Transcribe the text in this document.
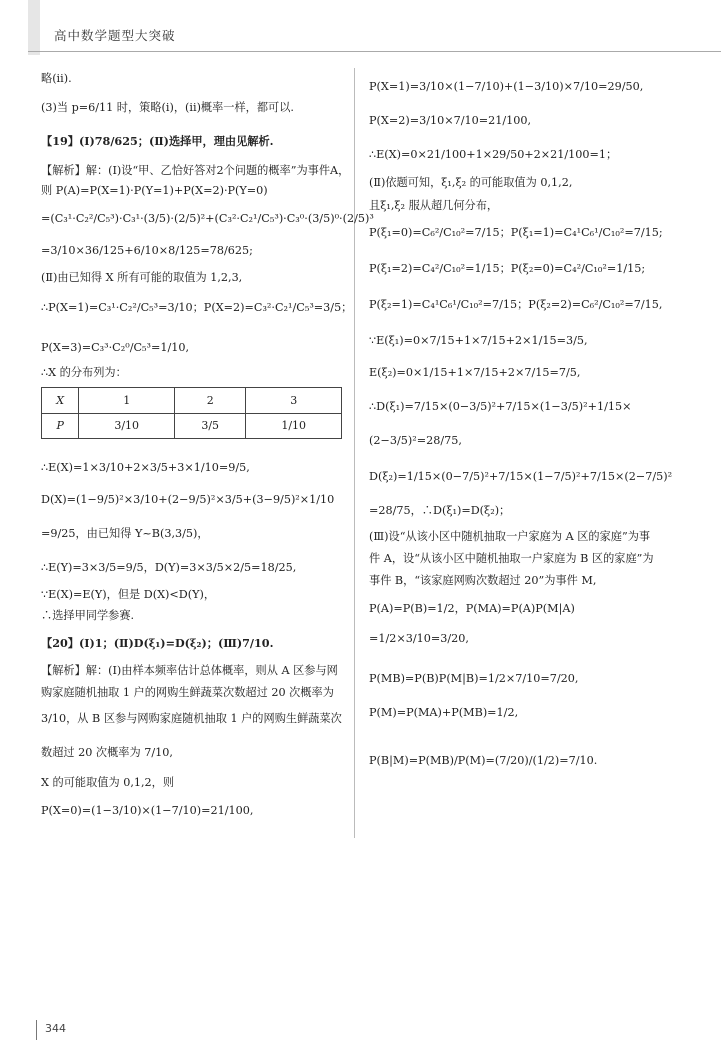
高中数学题型大突破
略(ii).
(3)当 p=6/11 时，策略(i)，(ii)概率一样，都可以.
【19】(Ⅰ)78/625；(Ⅱ)选择甲，理由见解析.
【解析】解：(Ⅰ)设“甲、乙恰好答对2个问题的概率”为事件A，
则 P(A)=P(X=1)·P(Y=1)+P(X=2)·P(Y=0)
=(C₃¹·C₂²/C₅³)·C₃¹·(3/5)·(2/5)²+(C₃²·C₂¹/C₅³)·C₃⁰·(3/5)⁰·(2/5)³
=3/10×36/125+6/10×8/125=78/625;
(Ⅱ)由已知得 X 所有可能的取值为 1,2,3,
∴P(X=1)=C₃¹·C₂²/C₅³=3/10；P(X=2)=C₃²·C₂¹/C₅³=3/5；
P(X=3)=C₃³·C₂⁰/C₅³=1/10,
∴X 的分布列为：
∴E(X)=1×3/10+2×3/5+3×1/10=9/5,
D(X)=(1−9/5)²×3/10+(2−9/5)²×3/5+(3−9/5)²×1/10
=9/25，由已知得 Y~B(3,3/5)，
∴E(Y)=3×3/5=9/5，D(Y)=3×3/5×2/5=18/25,
∵E(X)=E(Y)，但是 D(X)<D(Y)，
∴选择甲同学参赛.
【20】(Ⅰ)1；(Ⅱ)D(ξ₁)=D(ξ₂)；(Ⅲ)7/10.
【解析】解：(Ⅰ)由样本频率估计总体概率，则从 A 区参与网
购家庭随机抽取 1 户的网购生鲜蔬菜次数超过 20 次概率为
3/10，从 B 区参与网购家庭随机抽取 1 户的网购生鲜蔬菜次
数超过 20 次概率为 7/10,
X 的可能取值为 0,1,2，则
P(X=0)=(1−3/10)×(1−7/10)=21/100,
X	1	2	3
P	3/10	3/5	1/10
P(X=1)=3/10×(1−7/10)+(1−3/10)×7/10=29/50,
P(X=2)=3/10×7/10=21/100,
∴E(X)=0×21/100+1×29/50+2×21/100=1；
(Ⅱ)依题可知，ξ₁,ξ₂ 的可能取值为 0,1,2,
且ξ₁,ξ₂ 服从超几何分布，
P(ξ₁=0)=C₆²/C₁₀²=7/15；P(ξ₁=1)=C₄¹C₆¹/C₁₀²=7/15;
P(ξ₁=2)=C₄²/C₁₀²=1/15；P(ξ₂=0)=C₄²/C₁₀²=1/15;
P(ξ₂=1)=C₄¹C₆¹/C₁₀²=7/15；P(ξ₂=2)=C₆²/C₁₀²=7/15,
∵E(ξ₁)=0×7/15+1×7/15+2×1/15=3/5,
E(ξ₂)=0×1/15+1×7/15+2×7/15=7/5,
∴D(ξ₁)=7/15×(0−3/5)²+7/15×(1−3/5)²+1/15×
(2−3/5)²=28/75,
D(ξ₂)=1/15×(0−7/5)²+7/15×(1−7/5)²+7/15×(2−7/5)²
=28/75，∴D(ξ₁)=D(ξ₂)；
(Ⅲ)设“从该小区中随机抽取一户家庭为 A 区的家庭”为事
件 A，设“从该小区中随机抽取一户家庭为 B 区的家庭”为
事件 B，“该家庭网购次数超过 20”为事件 M,
P(A)=P(B)=1/2，P(MA)=P(A)P(M|A)
=1/2×3/10=3/20,
P(MB)=P(B)P(M|B)=1/2×7/10=7/20,
P(M)=P(MA)+P(MB)=1/2,
P(B|M)=P(MB)/P(M)=(7/20)/(1/2)=7/10.
344
